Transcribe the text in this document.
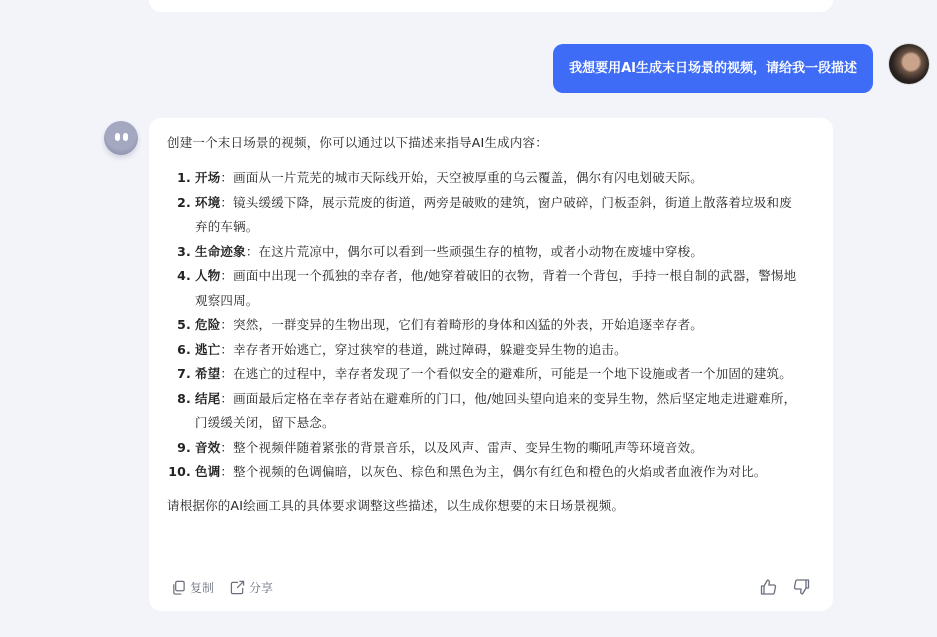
我想要用AI生成末日场景的视频，请给我一段描述

创建一个末日场景的视频，你可以通过以下描述来指导AI生成内容：

1. 开场：画面从一片荒芜的城市天际线开始，天空被厚重的乌云覆盖，偶尔有闪电划破天际。
2. 环境：镜头缓缓下降，展示荒废的街道，两旁是破败的建筑，窗户破碎，门板歪斜，街道上散落着垃圾和废弃的车辆。
3. 生命迹象：在这片荒凉中，偶尔可以看到一些顽强生存的植物，或者小动物在废墟中穿梭。
4. 人物：画面中出现一个孤独的幸存者，他/她穿着破旧的衣物，背着一个背包，手持一根自制的武器，警惕地观察四周。
5. 危险：突然，一群变异的生物出现，它们有着畸形的身体和凶猛的外表，开始追逐幸存者。
6. 逃亡：幸存者开始逃亡，穿过狭窄的巷道，跳过障碍，躲避变异生物的追击。
7. 希望：在逃亡的过程中，幸存者发现了一个看似安全的避难所，可能是一个地下设施或者一个加固的建筑。
8. 结尾：画面最后定格在幸存者站在避难所的门口，他/她回头望向追来的变异生物，然后坚定地走进避难所，门缓缓关闭，留下悬念。
9. 音效：整个视频伴随着紧张的背景音乐，以及风声、雷声、变异生物的嘶吼声等环境音效。
10. 色调：整个视频的色调偏暗，以灰色、棕色和黑色为主，偶尔有红色和橙色的火焰或者血液作为对比。

请根据你的AI绘画工具的具体要求调整这些描述，以生成你想要的末日场景视频。

复制	分享
